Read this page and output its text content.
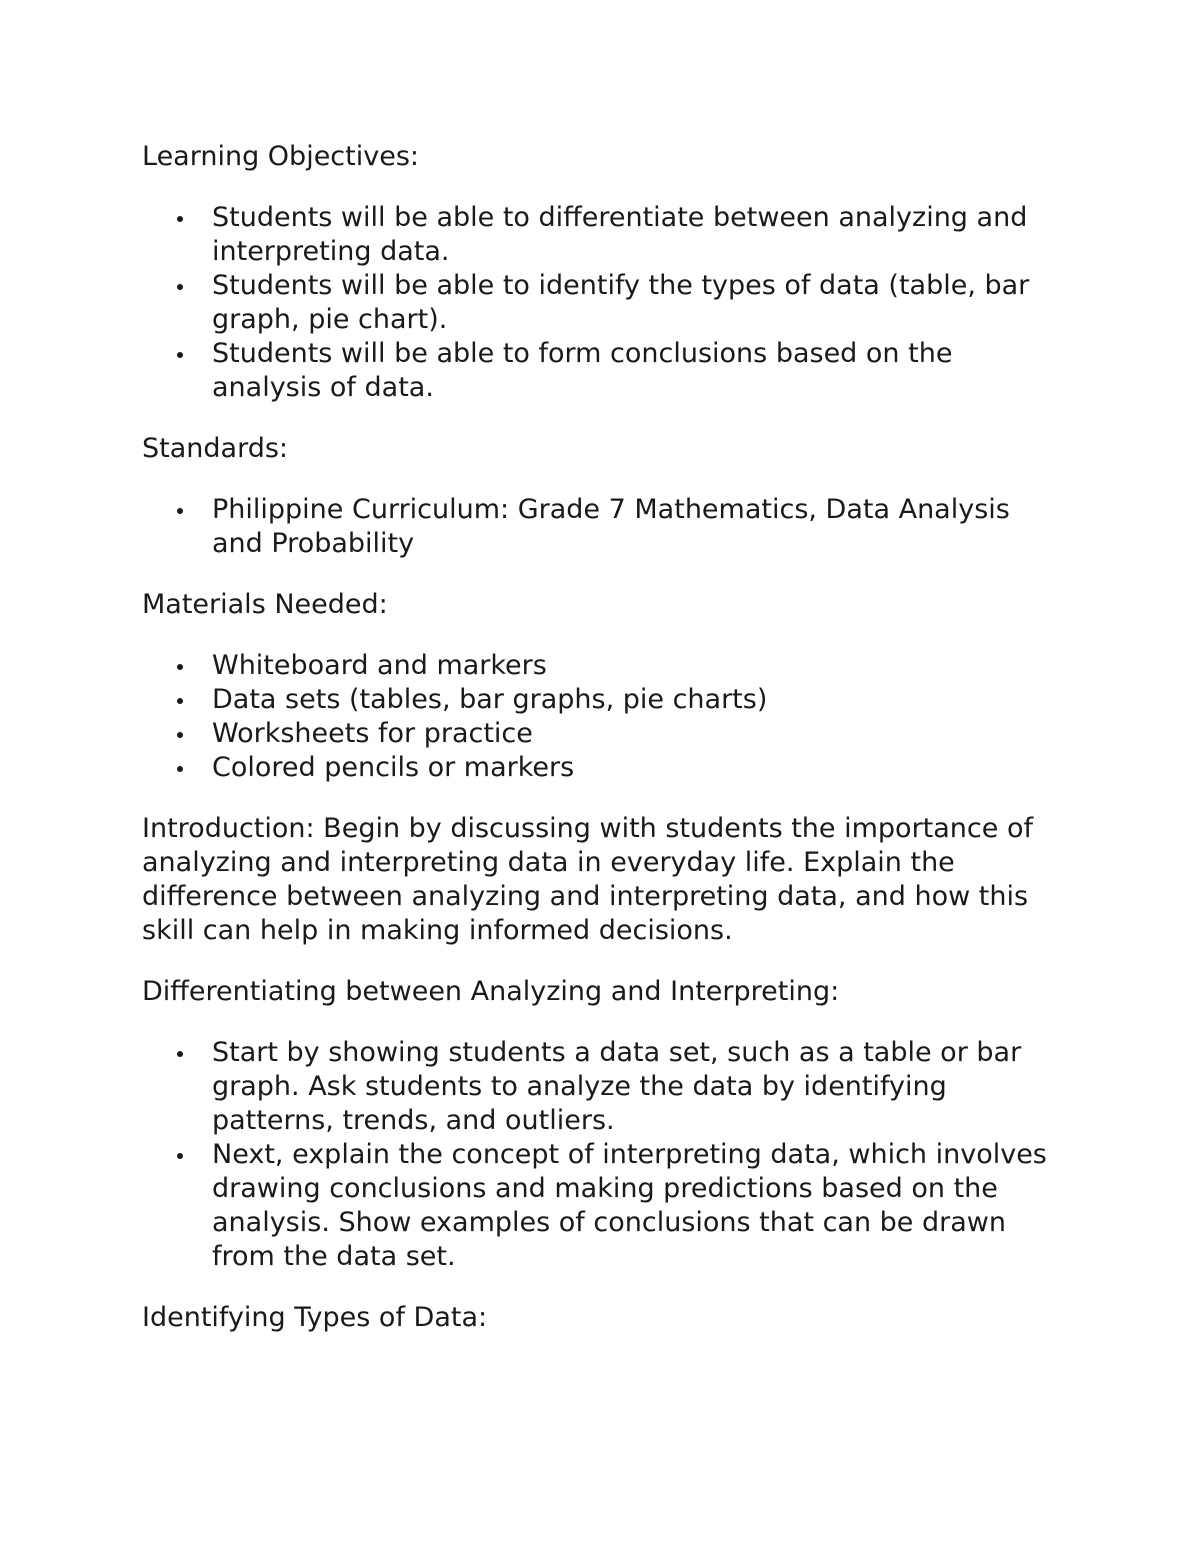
Learning Objectives:

Students will be able to differentiate between analyzing and interpreting data.
Students will be able to identify the types of data (table, bar graph, pie chart).
Students will be able to form conclusions based on the analysis of data.

Standards:

Philippine Curriculum: Grade 7 Mathematics, Data Analysis and Probability

Materials Needed:

Whiteboard and markers
Data sets (tables, bar graphs, pie charts)
Worksheets for practice
Colored pencils or markers

Introduction: Begin by discussing with students the importance of analyzing and interpreting data in everyday life. Explain the difference between analyzing and interpreting data, and how this skill can help in making informed decisions.

Differentiating between Analyzing and Interpreting:

Start by showing students a data set, such as a table or bar graph. Ask students to analyze the data by identifying patterns, trends, and outliers.
Next, explain the concept of interpreting data, which involves drawing conclusions and making predictions based on the analysis. Show examples of conclusions that can be drawn from the data set.

Identifying Types of Data:
